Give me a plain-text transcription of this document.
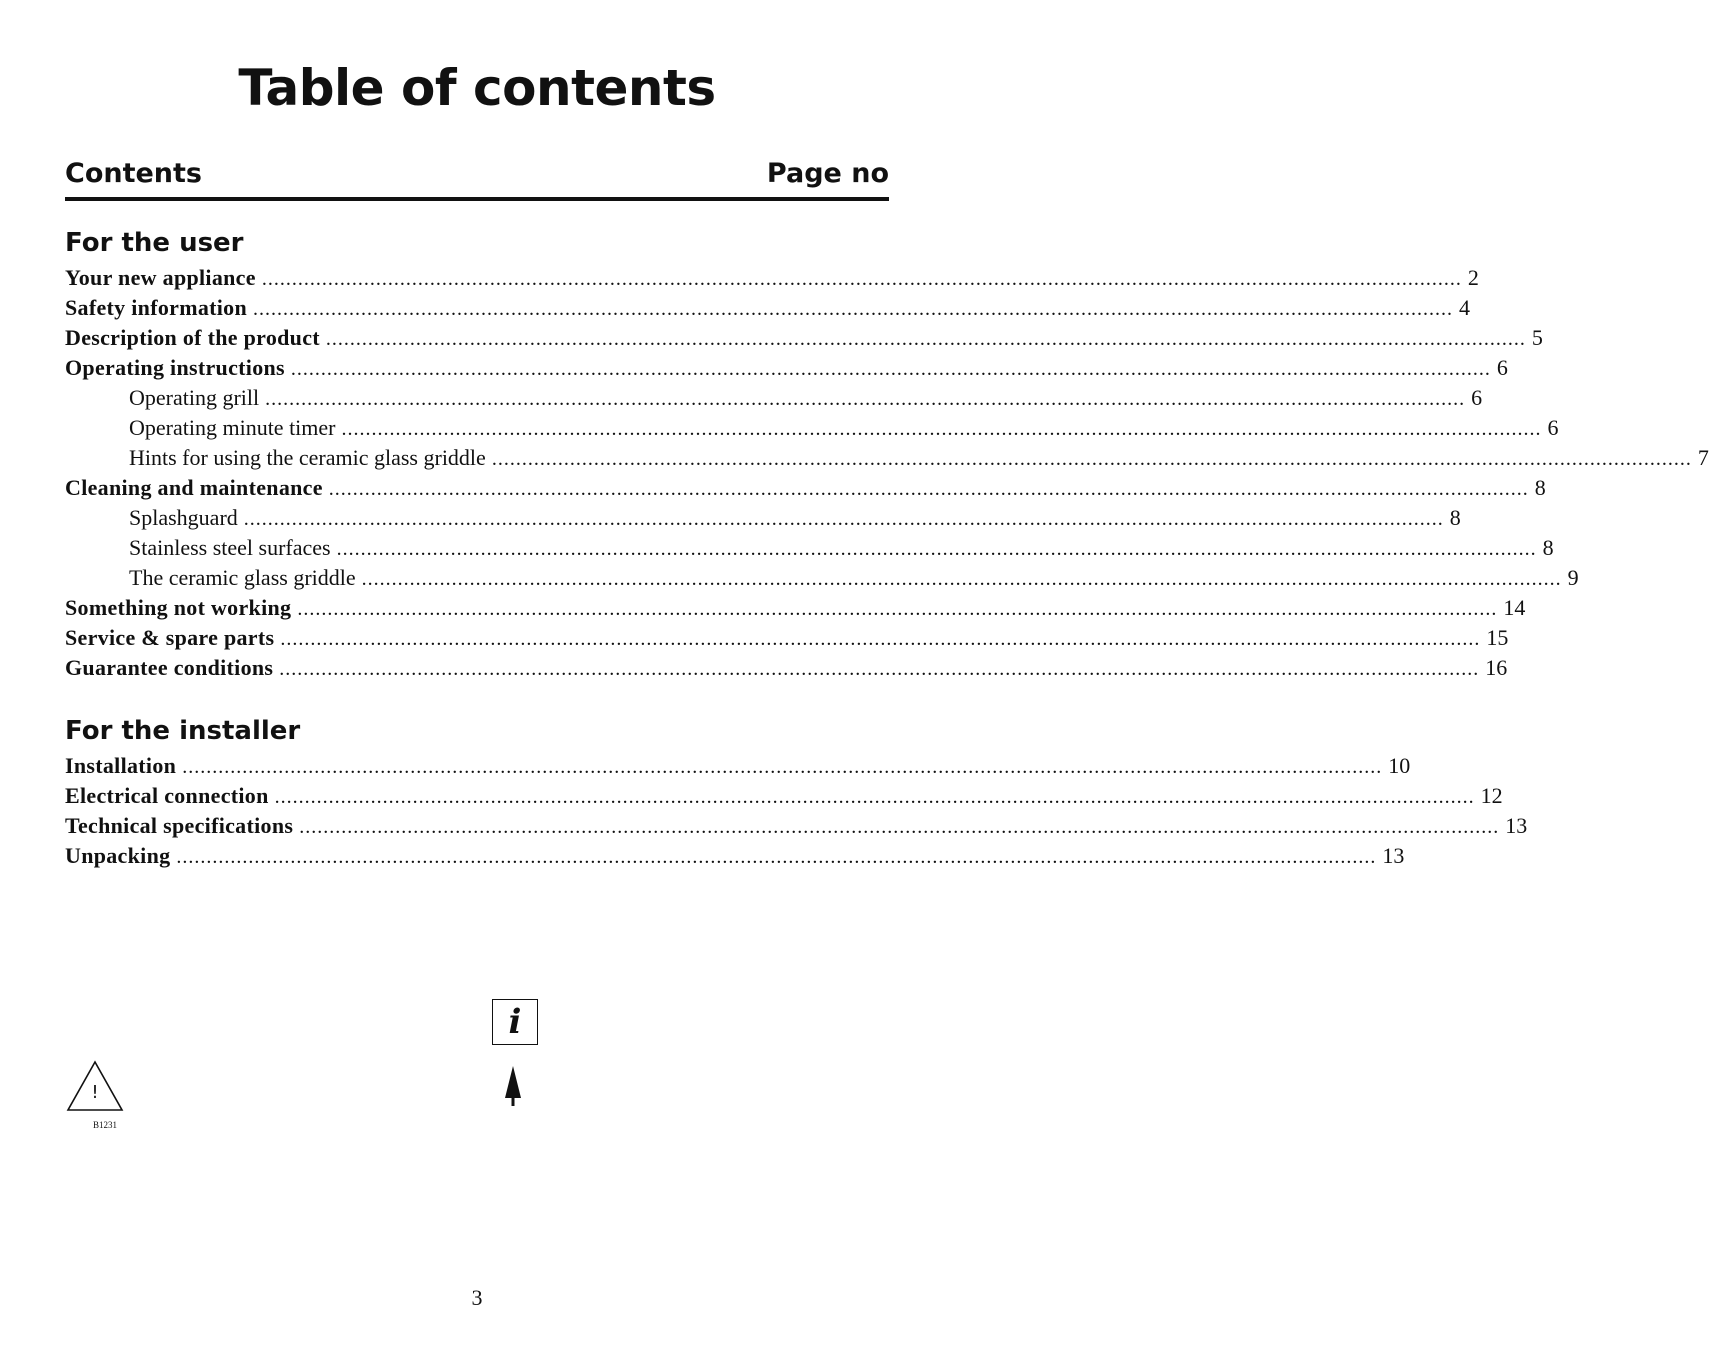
Table of contents
Contents	Page no
For the user
Your new appliance ........................................................................................................................................................................................................ 2
Safety information ........................................................................................................................................................................................................ 4
Description of the product ........................................................................................................................................................................................................ 5
Operating instructions ........................................................................................................................................................................................................ 6
Operating grill ........................................................................................................................................................................................................ 6
Operating minute timer ........................................................................................................................................................................................................ 6
Hints for using the ceramic glass griddle ........................................................................................................................................................................................................ 7
Cleaning and maintenance ........................................................................................................................................................................................................ 8
Splashguard ........................................................................................................................................................................................................ 8
Stainless steel surfaces ........................................................................................................................................................................................................ 8
The ceramic glass griddle ........................................................................................................................................................................................................ 9
Something not working ........................................................................................................................................................................................................ 14
Service & spare parts ........................................................................................................................................................................................................ 15
Guarantee conditions ........................................................................................................................................................................................................ 16
For the installer
Installation ........................................................................................................................................................................................................ 10
Electrical connection ........................................................................................................................................................................................................ 12
Technical specifications ........................................................................................................................................................................................................ 13
Unpacking ........................................................................................................................................................................................................ 13
i
!
B1231
3
